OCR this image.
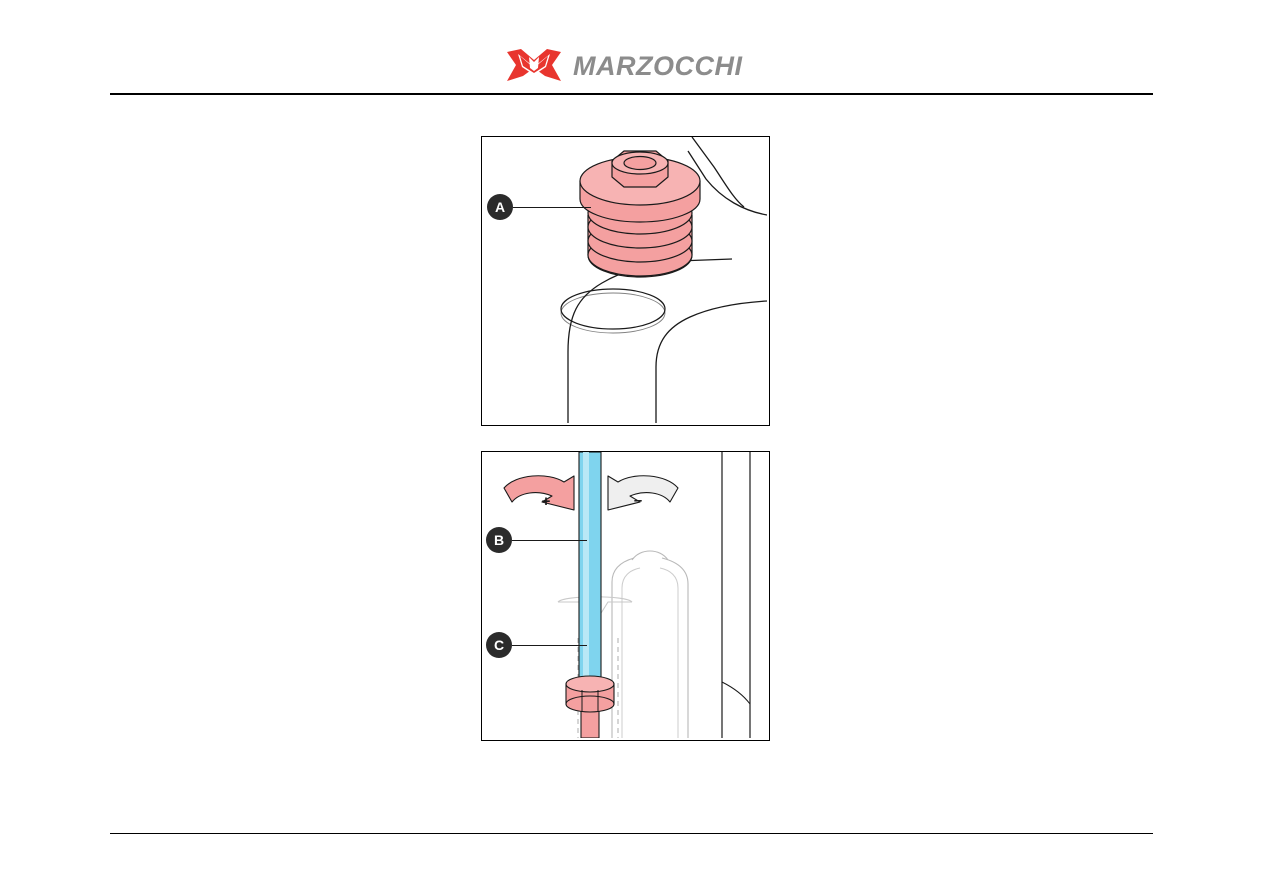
MARZOCCHI
A
+	–
B
C
